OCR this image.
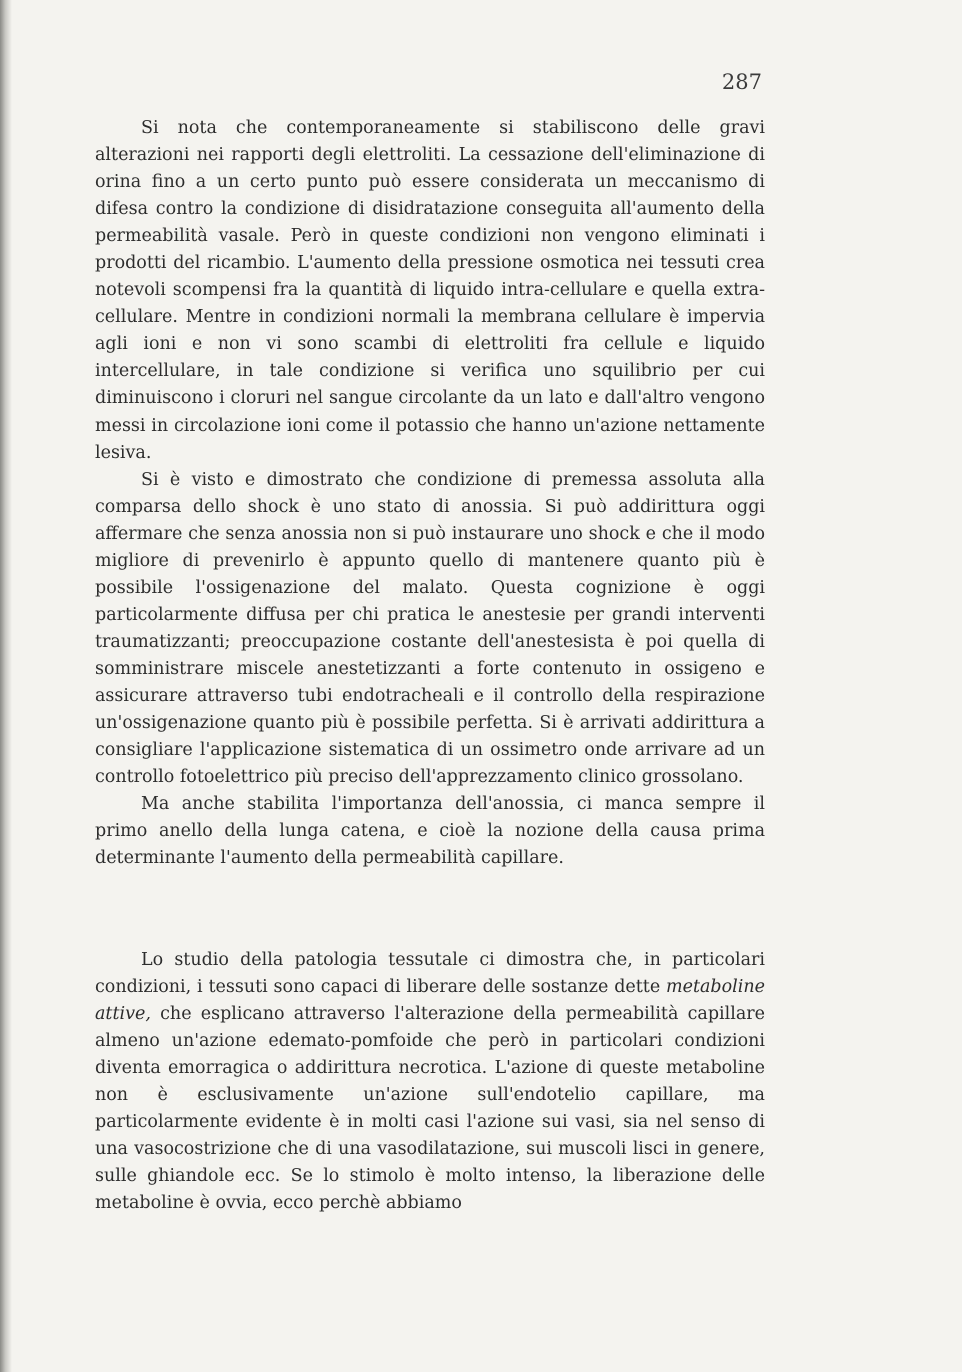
287

Si nota che contemporaneamente si stabiliscono delle gravi alterazioni nei rapporti degli elettroliti. La cessazione dell'eliminazione di orina fino a un certo punto può essere considerata un meccanismo di difesa contro la condizione di disidratazione conseguita all'aumento della permeabilità vasale. Però in queste condizioni non vengono eliminati i prodotti del ricambio. L'aumento della pressione osmotica nei tessuti crea notevoli scompensi fra la quantità di liquido intra-cellulare e quella extra-cellulare. Mentre in condizioni normali la membrana cellulare è impervia agli ioni e non vi sono scambi di elettroliti fra cellule e liquido intercellulare, in tale condizione si verifica uno squilibrio per cui diminuiscono i cloruri nel sangue circolante da un lato e dall'altro vengono messi in circolazione ioni come il potassio che hanno un'azione nettamente lesiva.

Si è visto e dimostrato che condizione di premessa assoluta alla comparsa dello shock è uno stato di anossia. Si può addirittura oggi affermare che senza anossia non si può instaurare uno shock e che il modo migliore di prevenirlo è appunto quello di mantenere quanto più è possibile l'ossigenazione del malato. Questa cognizione è oggi particolarmente diffusa per chi pratica le anestesie per grandi interventi traumatizzanti; preoccupazione costante dell'anestesista è poi quella di somministrare miscele anestetizzanti a forte contenuto in ossigeno e assicurare attraverso tubi endotracheali e il controllo della respirazione un'ossigenazione quanto più è possibile perfetta. Si è arrivati addirittura a consigliare l'applicazione sistematica di un ossimetro onde arrivare ad un controllo fotoelettrico più preciso dell'apprezzamento clinico grossolano.

Ma anche stabilita l'importanza dell'anossia, ci manca sempre il primo anello della lunga catena, e cioè la nozione della causa prima determinante l'aumento della permeabilità capillare.

Lo studio della patologia tessutale ci dimostra che, in particolari condizioni, i tessuti sono capaci di liberare delle sostanze dette metaboline attive, che esplicano attraverso l'alterazione della permeabilità capillare almeno un'azione edemato-pomfoide che però in particolari condizioni diventa emorragica o addirittura necrotica. L'azione di queste metaboline non è esclusivamente un'azione sull'endotelio capillare, ma particolarmente evidente è in molti casi l'azione sui vasi, sia nel senso di una vasocostrizione che di una vasodilatazione, sui muscoli lisci in genere, sulle ghiandole ecc. Se lo stimolo è molto intenso, la liberazione delle metaboline è ovvia, ecco perchè abbiamo
